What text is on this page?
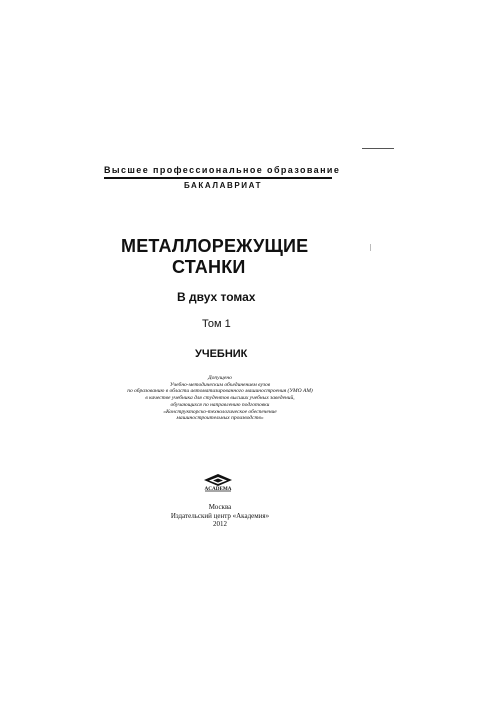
Высшее профессиональное образование
БАКАЛАВРИАТ
МЕТАЛЛОРЕЖУЩИЕ
СТАНКИ
В двух томах
Том 1
УЧЕБНИК
Допущено
Учебно-методическим объединением вузов
по образованию в области автоматизированного машиностроения (УМО АМ)
в качестве учебника для студентов высших учебных заведений,
обучающихся по направлению подготовки
«Конструкторско-технологическое обеспечение
машиностроительных производств»
ACADEMA
Москва
Издательский центр «Академия»
2012
